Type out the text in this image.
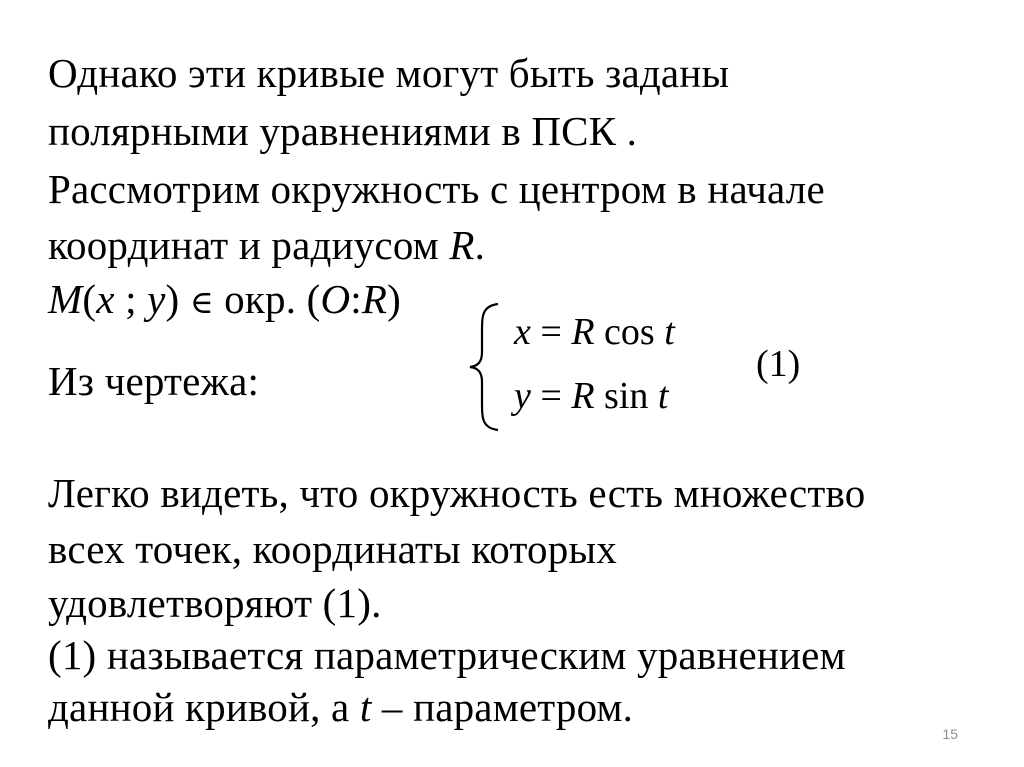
Однако эти кривые могут быть заданы
полярными уравнениями в ПСК .
Рассмотрим окружность с центром в начале
координат и радиусом R.
M(x ; y) ∈ окр. (O:R)
Из чертежа:
x = R cos t
y = R sin t
(1)
Легко видеть, что окружность есть множество
всех точек, координаты которых
удовлетворяют (1).
(1) называется параметрическим уравнением
данной кривой, а t – параметром.
15
